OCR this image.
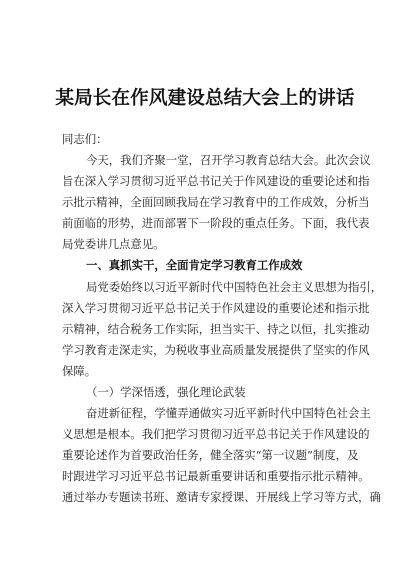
某局长在作风建设总结大会上的讲话
同志们：
今天，我们齐聚一堂，召开学习教育总结大会。此次会议
旨在深入学习贯彻习近平总书记关于作风建设的重要论述和指
示批示精神，全面回顾我局在学习教育中的工作成效，分析当
前面临的形势，进而部署下一阶段的重点任务。下面，我代表
局党委讲几点意见。
一、真抓实干，全面肯定学习教育工作成效
局党委始终以习近平新时代中国特色社会主义思想为指引，
深入学习贯彻习近平总书记关于作风建设的重要论述和指示批
示精神，结合税务工作实际，担当实干、持之以恒，扎实推动
学习教育走深走实，为税收事业高质量发展提供了坚实的作风
保障。
（一）学深悟透，强化理论武装
奋进新征程，学懂弄通做实习近平新时代中国特色社会主
义思想是根本。我们把学习贯彻习近平总书记关于作风建设的
重要论述作为首要政治任务，健全落实“第一议题”制度，及
时跟进学习习近平总书记最新重要讲话和重要指示批示精神。
通过举办专题读书班、邀请专家授课、开展线上学习等方式，确
